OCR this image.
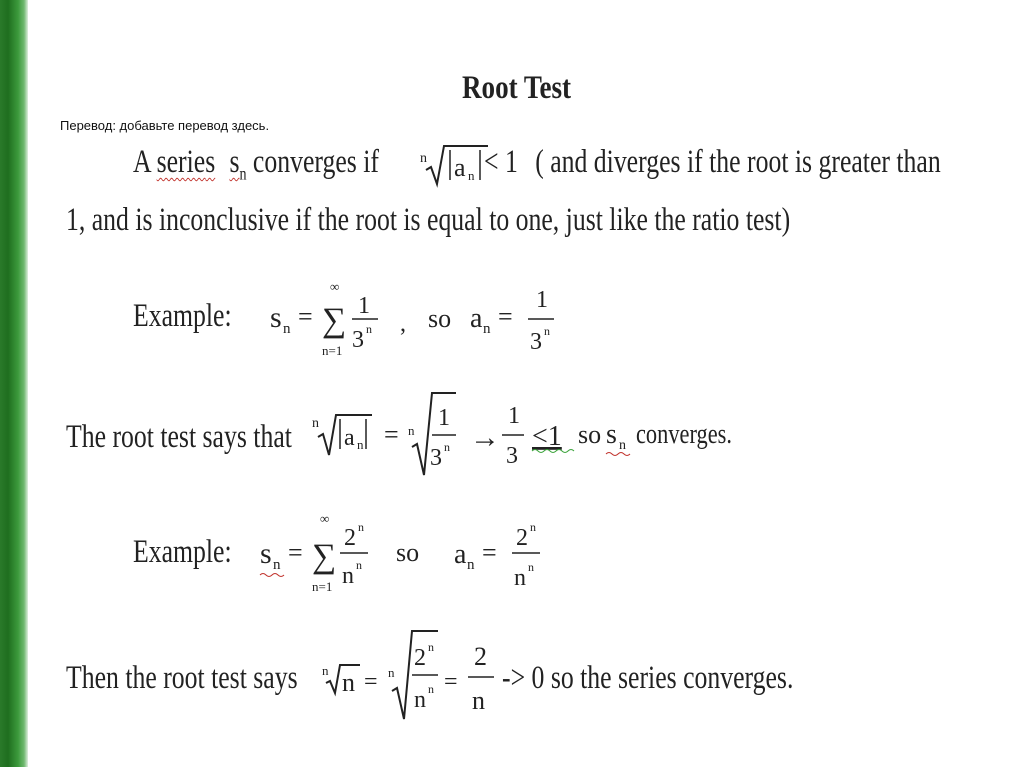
Root Test
Перевод: добавьте перевод здесь.
A series $s_n$ converges if	n a n < 1 ( and diverges if the root is greater than
1, and is inconclusive if the root is equal to one, just like the ratio test)
Example: s n = ∑
∞
n=1
1
3 n , so a n =
1
3 n
The root test says that n
a n = n 1
3 n →
1
3
<1 so s n converges.
Example: s n = ∑
∞
n=1
2 n
n n so a n = 2 n
n n
Then the root test says n n = n
2 n
n n =
2
n
-> 0 so the series converges.
